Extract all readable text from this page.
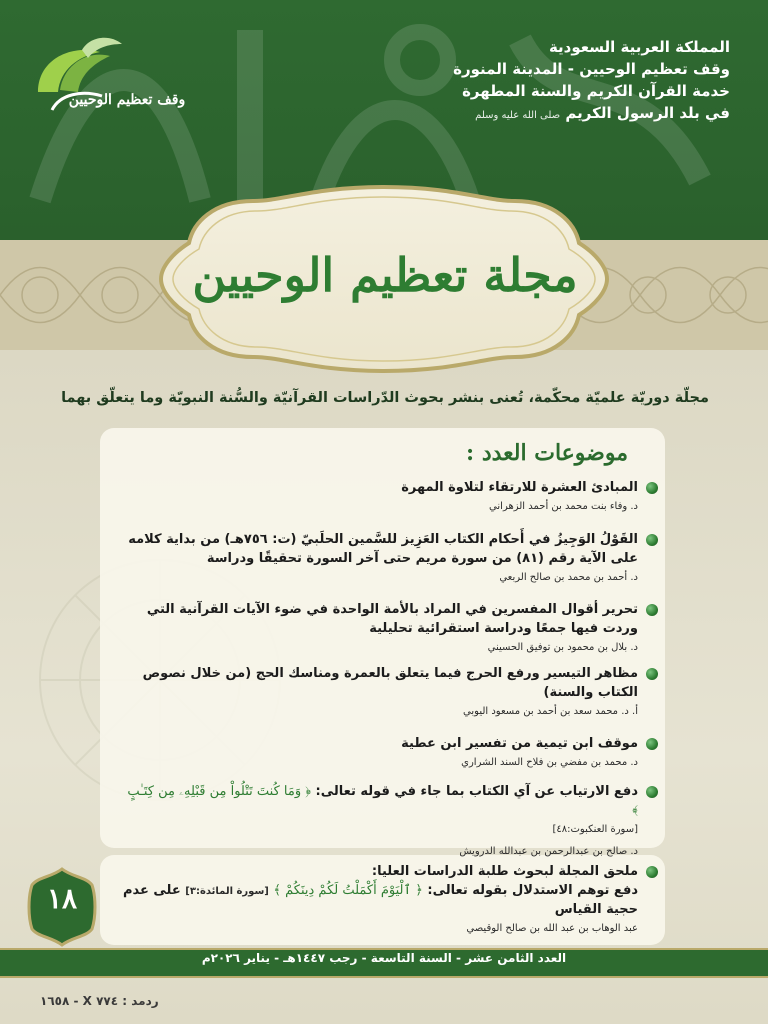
المملكة العربية السعودية
وقف تعظيم الوحيين - المدينة المنورة
خدمة القرآن الكريم والسنة المطهرة
في بلد الرسول الكريم صلى الله عليه وسلم
وقف تعظيم الوحيين
مجلة تعظيم الوحيين
مجلّة دوريّة علميّة محكّمة، تُعنى بنشر بحوث الدّراسات القرآنيّة والسُّنة النبويّة وما يتعلّق بهما
موضوعات العدد :
المبادئ العشرة للارتقاء لتلاوة المهرة
د. وفاء بنت محمد بن أحمد الزهراني
القَوْلُ الوَجِيزُ في أَحكام الكتاب العَزِيز للسَّمين الحلَبيّ (ت: ٧٥٦هـ) من بداية كلامه على الآية رقم (٨١) من سورة مريم حتى آخر السورة تحقيقًا ودراسة
د. أحمد بن محمد بن صالح الربعي
تحرير أقوال المفسرين في المراد بالأمة الواحدة في ضوء الآيات القرآنية التي وردت فيها جمعًا ودراسة استقرائية تحليلية
د. بلال بن محمود بن توفيق الحسيني
مظاهر التيسير ورفع الحرج فيما يتعلق بالعمرة ومناسك الحج (من خلال نصوص الكتاب والسنة)
أ. د. محمد سعد بن أحمد بن مسعود اليوبي
موقف ابن تيمية من تفسير ابن عطية
د. محمد بن مفضي بن فلاح السند الشراري
دفع الارتياب عن آي الكتاب بما جاء في قوله تعالى: ﴿ وَمَا كُنتَ تَتْلُواْ مِن قَبْلِهِۦ مِن كِتَـٰبٍ ﴾
[سورة العنكبوت:٤٨]
د. صالح بن عبدالرحمن بن عبدالله الدرويش
ملحق المجلة لبحوث طلبة الدراسات العليا:
دفع توهم الاستدلال بقوله تعالى: ﴿ ٱلْيَوْمَ أَكْمَلْتُ لَكُمْ دِينَكُمْ ﴾ [سورة المائدة:٣] على عدم حجية القياس
عبد الوهاب بن عبد الله بن صالح الوقيصي
١٨
العدد الثامن عشر - السنة التاسعة - رجب ١٤٤٧هـ - يناير ٢٠٢٦م
ردمد : ٧٧٤ X - ١٦٥٨
